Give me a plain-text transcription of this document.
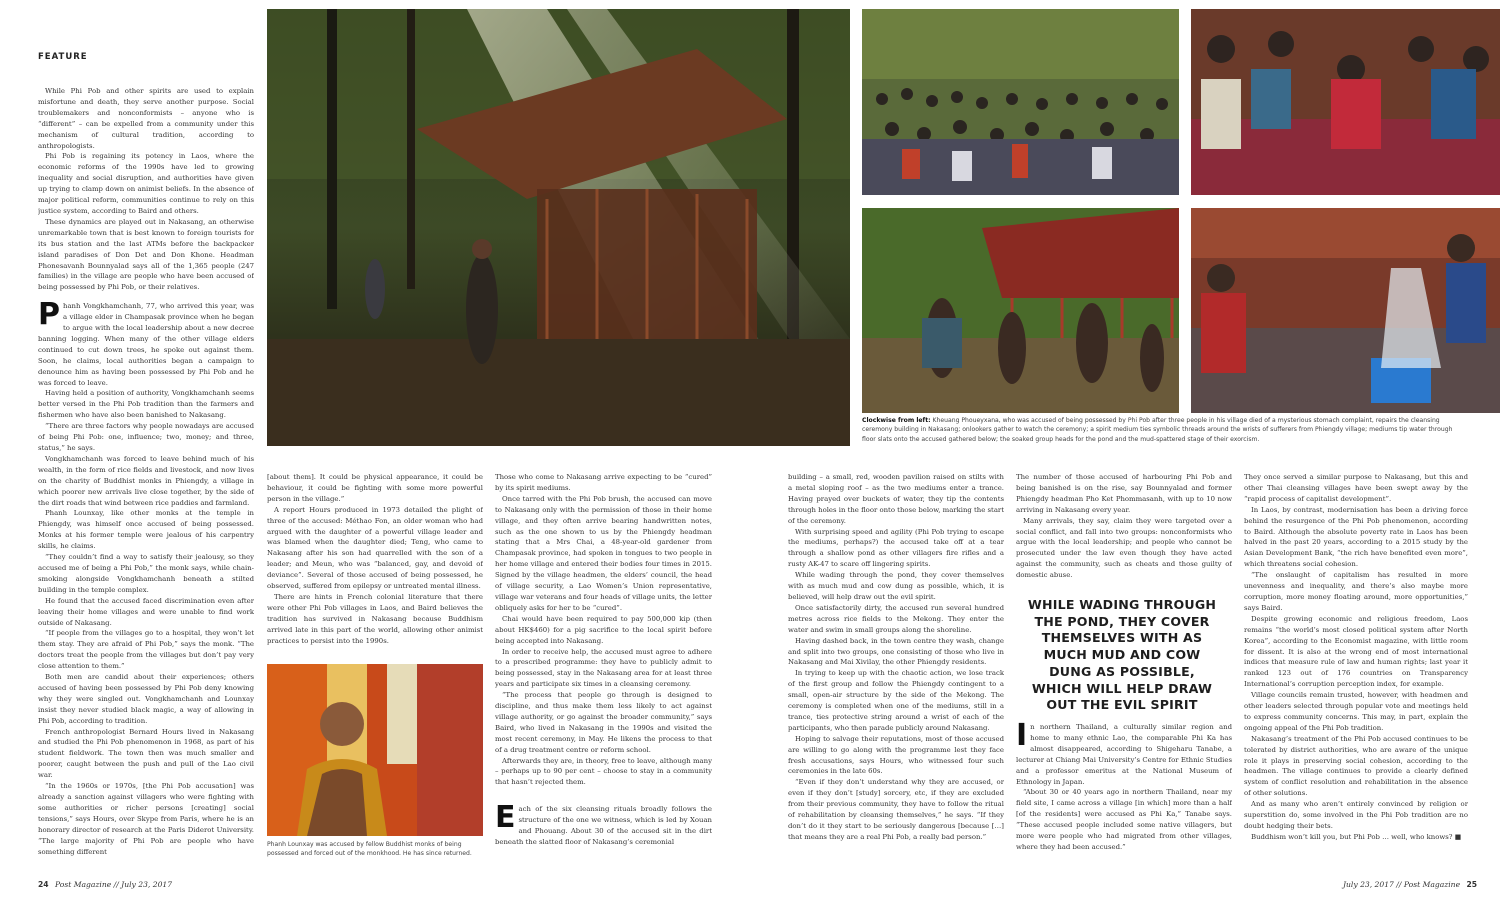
FEATURE

While Phi Pob and other spirits are used to explain misfortune and death, they serve another purpose. Social troublemakers and nonconformists – anyone who is “different” – can be expelled from a community under this mechanism of cultural tradition, according to anthropologists.

Phi Pob is regaining its potency in Laos, where the economic reforms of the 1990s have led to growing inequality and social disruption, and authorities have given up trying to clamp down on animist beliefs. In the absence of major political reform, communities continue to rely on this justice system, according to Baird and others.

These dynamics are played out in Nakasang, an otherwise unremarkable town that is best known to foreign tourists for its bus station and the last ATMs before the backpacker island paradises of Don Det and Don Khone. Headman Phonesavanh Bounnyalad says all of the 1,365 people (247 families) in the village are people who have been accused of being possessed by Phi Pob, or their relatives.

Phanh Vongkhamchanh, 77, who arrived this year, was a village elder in Champasak province when he began to argue with the local leadership about a new decree banning logging. When many of the other village elders continued to cut down trees, he spoke out against them. Soon, he claims, local authorities began a campaign to denounce him as having been possessed by Phi Pob and he was forced to leave.

Having held a position of authority, Vongkhamchanh seems better versed in the Phi Pob tradition than the farmers and fishermen who have also been banished to Nakasang.

“There are three factors why people nowadays are accused of being Phi Pob: one, influence; two, money; and three, status,” he says.

Vongkhamchanh was forced to leave behind much of his wealth, in the form of rice fields and livestock, and now lives on the charity of Buddhist monks in Phiengdy, a village in which poorer new arrivals live close together, by the side of the dirt roads that wind between rice paddies and farmland.

Phanh Lounxay, like other monks at the temple in Phiengdy, was himself once accused of being possessed. Monks at his former temple were jealous of his carpentry skills, he claims.

“They couldn’t find a way to satisfy their jealousy, so they accused me of being a Phi Pob,” the monk says, while chain-smoking alongside Vongkhamchanh beneath a stilted building in the temple complex.

He found that the accused faced discrimination even after leaving their home villages and were unable to find work outside of Nakasang.

“If people from the villages go to a hospital, they won’t let them stay. They are afraid of Phi Pob,” says the monk. “The doctors treat the people from the villages but don’t pay very close attention to them.”

Both men are candid about their experiences; others accused of having been possessed by Phi Pob deny knowing why they were singled out. Vongkhamchanh and Lounxay insist they never studied black magic, a way of allowing in Phi Pob, according to tradition.

French anthropologist Bernard Hours lived in Nakasang and studied the Phi Pob phenomenon in 1968, as part of his student fieldwork. The town then was much smaller and poorer, caught between the push and pull of the Lao civil war.

“In the 1960s or 1970s, [the Phi Pob accusation] was already a sanction against villagers who were fighting with some authorities or richer persons [creating] social tensions,” says Hours, over Skype from Paris, where he is an honorary director of research at the Paris Diderot University. “The large majority of Phi Pob are people who have something different

Clockwise from left: Kheuang Phoueyxana, who was accused of being possessed by Phi Pob after three people in his village died of a mysterious stomach complaint, repairs the cleansing ceremony building in Nakasang; onlookers gather to watch the ceremony; a spirit medium ties symbolic threads around the wrists of sufferers from Phiengdy village; mediums tip water through floor slats onto the accused gathered below; the soaked group heads for the pond and the mud-spattered stage of their exorcism.

[about them]. It could be physical appearance, it could be behaviour, it could be fighting with some more powerful person in the village.”

A report Hours produced in 1973 detailed the plight of three of the accused: Méthao Fon, an older woman who had argued with the daughter of a powerful village leader and was blamed when the daughter died; Teng, who came to Nakasang after his son had quarrelled with the son of a leader; and Meun, who was “balanced, gay, and devoid of deviance”. Several of those accused of being possessed, he observed, suffered from epilepsy or untreated mental illness.

There are hints in French colonial literature that there were other Phi Pob villages in Laos, and Baird believes the tradition has survived in Nakasang because Buddhism arrived late in this part of the world, allowing other animist practices to persist into the 1990s.

Phanh Lounxay was accused by fellow Buddhist monks of being possessed and forced out of the monkhood. He has since returned.

Those who come to Nakasang arrive expecting to be “cured” by its spirit mediums.

Once tarred with the Phi Pob brush, the accused can move to Nakasang only with the permission of those in their home village, and they often arrive bearing handwritten notes, such as the one shown to us by the Phiengdy headman stating that a Mrs Chai, a 48-year-old gardener from Champasak province, had spoken in tongues to two people in her home village and entered their bodies four times in 2015. Signed by the village headmen, the elders’ council, the head of village security, a Lao Women’s Union representative, village war veterans and four heads of village units, the letter obliquely asks for her to be “cured”.

Chai would have been required to pay 500,000 kip (then about HK$460) for a pig sacrifice to the local spirit before being accepted into Nakasang.

In order to receive help, the accused must agree to adhere to a prescribed programme: they have to publicly admit to being possessed, stay in the Nakasang area for at least three years and participate six times in a cleansing ceremony.

“The process that people go through is designed to discipline, and thus make them less likely to act against village authority, or go against the broader community,” says Baird, who lived in Nakasang in the 1990s and visited the most recent ceremony, in May. He likens the process to that of a drug treatment centre or reform school.

Afterwards they are, in theory, free to leave, although many – perhaps up to 90 per cent – choose to stay in a community that hasn’t rejected them.

Each of the six cleansing rituals broadly follows the structure of the one we witness, which is led by Xouan and Phouang. About 30 of the accused sit in the dirt beneath the slatted floor of Nakasang’s ceremonial

building – a small, red, wooden pavilion raised on stilts with a metal sloping roof – as the two mediums enter a trance. Having prayed over buckets of water, they tip the contents through holes in the floor onto those below, marking the start of the ceremony.

With surprising speed and agility (Phi Pob trying to escape the mediums, perhaps?) the accused take off at a tear through a shallow pond as other villagers fire rifles and a rusty AK-47 to scare off lingering spirits.

While wading through the pond, they cover themselves with as much mud and cow dung as possible, which, it is believed, will help draw out the evil spirit.

Once satisfactorily dirty, the accused run several hundred metres across rice fields to the Mekong. They enter the water and swim in small groups along the shoreline.

Having dashed back, in the town centre they wash, change and split into two groups, one consisting of those who live in Nakasang and Mai Xivilay, the other Phiengdy residents.

In trying to keep up with the chaotic action, we lose track of the first group and follow the Phiengdy contingent to a small, open-air structure by the side of the Mekong. The ceremony is completed when one of the mediums, still in a trance, ties protective string around a wrist of each of the participants, who then parade publicly around Nakasang.

Hoping to salvage their reputations, most of those accused are willing to go along with the programme lest they face fresh accusations, says Hours, who witnessed four such ceremonies in the late 60s.

“Even if they don’t understand why they are accused, or even if they don’t [study] sorcery, etc, if they are excluded from their previous community, they have to follow the ritual of rehabilitation by cleansing themselves,” he says. “If they don’t do it they start to be seriously dangerous [because […] that means they are a real Phi Pob, a really bad person.”

The number of those accused of harbouring Phi Pob and being banished is on the rise, say Bounnyalad and former Phiengdy headman Pho Ket Phommasanh, with up to 10 now arriving in Nakasang every year.

Many arrivals, they say, claim they were targeted over a social conflict, and fall into two groups: nonconformists who argue with the local leadership; and people who cannot be prosecuted under the law even though they have acted against the community, such as cheats and those guilty of domestic abuse.

WHILE WADING THROUGH THE POND, THEY COVER THEMSELVES WITH AS MUCH MUD AND COW DUNG AS POSSIBLE, WHICH WILL HELP DRAW OUT THE EVIL SPIRIT

In northern Thailand, a culturally similar region and home to many ethnic Lao, the comparable Phi Ka has almost disappeared, according to Shigeharu Tanabe, a lecturer at Chiang Mai University’s Centre for Ethnic Studies and a professor emeritus at the National Museum of Ethnology in Japan.

“About 30 or 40 years ago in northern Thailand, near my field site, I came across a village [in which] more than a half [of the residents] were accused as Phi Ka,” Tanabe says. “These accused people included some native villagers, but more were people who had migrated from other villages, where they had been accused.”

They once served a similar purpose to Nakasang, but this and other Thai cleansing villages have been swept away by the “rapid process of capitalist development”.

In Laos, by contrast, modernisation has been a driving force behind the resurgence of the Phi Pob phenomenon, according to Baird. Although the absolute poverty rate in Laos has been halved in the past 20 years, according to a 2015 study by the Asian Development Bank, “the rich have benefited even more”, which threatens social cohesion.

“The onslaught of capitalism has resulted in more unevenness and inequality, and there’s also maybe more corruption, more money floating around, more opportunities,” says Baird.

Despite growing economic and religious freedom, Laos remains “the world’s most closed political system after North Korea”, according to the Economist magazine, with little room for dissent. It is also at the wrong end of most international indices that measure rule of law and human rights; last year it ranked 123 out of 176 countries on Transparency International’s corruption perception index, for example.

Village councils remain trusted, however, with headmen and other leaders selected through popular vote and meetings held to express community concerns. This may, in part, explain the ongoing appeal of the Phi Pob tradition.

Nakasang’s treatment of the Phi Pob accused continues to be tolerated by district authorities, who are aware of the unique role it plays in preserving social cohesion, according to the headmen. The village continues to provide a clearly defined system of conflict resolution and rehabilitation in the absence of other solutions.

And as many who aren’t entirely convinced by religion or superstition do, some involved in the Phi Pob tradition are no doubt hedging their bets.

Buddhism won’t kill you, but Phi Pob … well, who knows? ■

24 Post Magazine // July 23, 2017	July 23, 2017 // Post Magazine 25
